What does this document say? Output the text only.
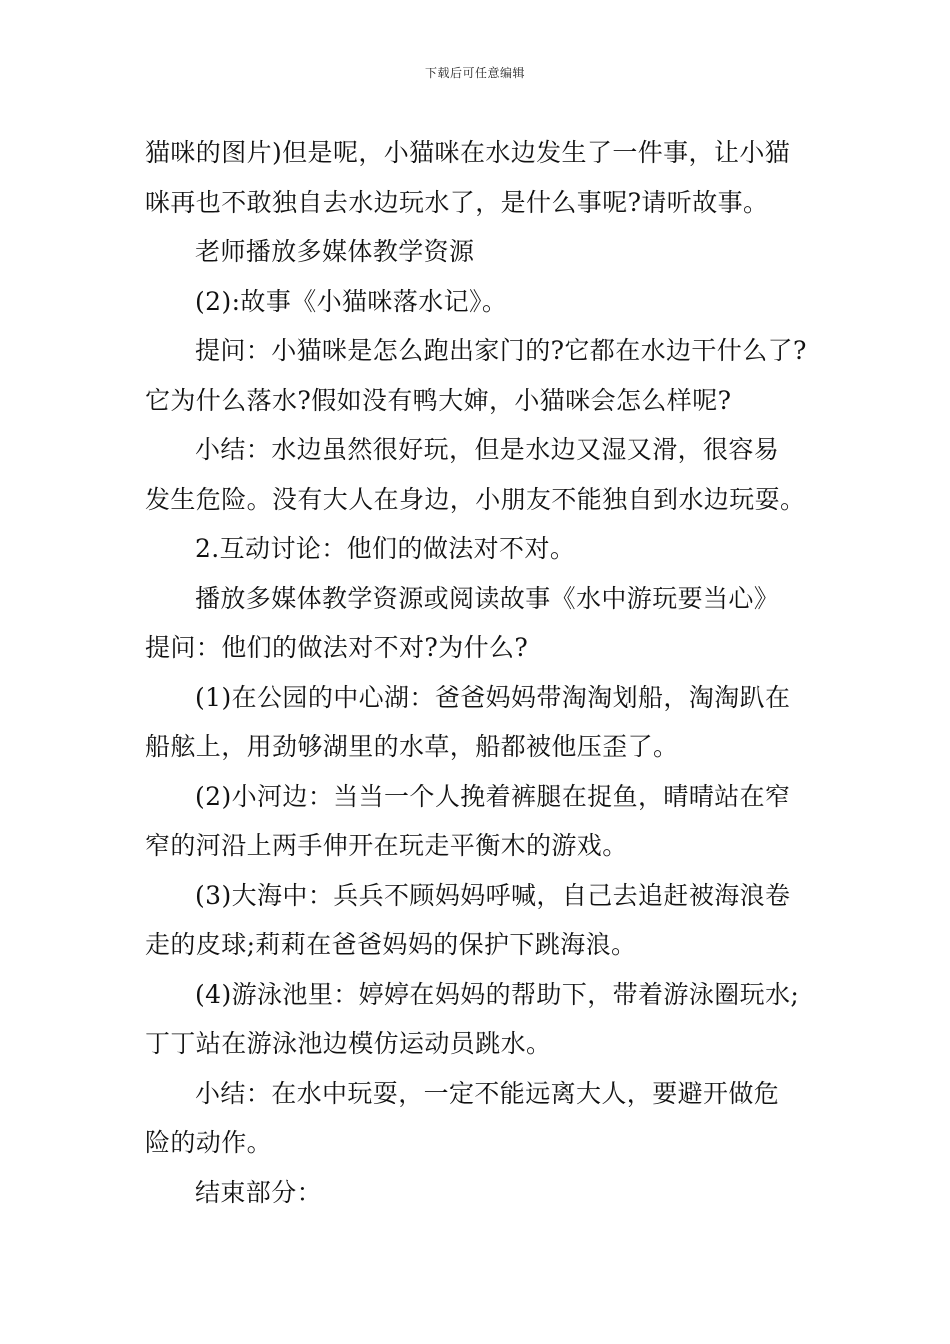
下载后可任意编辑
猫咪的图片)但是呢，小猫咪在水边发生了一件事，让小猫
咪再也不敢独自去水边玩水了，是什么事呢?请听故事。
老师播放多媒体教学资源
(2):故事《小猫咪落水记》。
提问：小猫咪是怎么跑出家门的?它都在水边干什么了?
它为什么落水?假如没有鸭大婶，小猫咪会怎么样呢?
小结：水边虽然很好玩，但是水边又湿又滑，很容易
发生危险。没有大人在身边，小朋友不能独自到水边玩耍。
2.互动讨论：他们的做法对不对。
播放多媒体教学资源或阅读故事《水中游玩要当心》
提问：他们的做法对不对?为什么?
(1)在公园的中心湖：爸爸妈妈带淘淘划船，淘淘趴在
船舷上，用劲够湖里的水草，船都被他压歪了。
(2)小河边：当当一个人挽着裤腿在捉鱼，晴晴站在窄
窄的河沿上两手伸开在玩走平衡木的游戏。
(3)大海中：兵兵不顾妈妈呼喊，自己去追赶被海浪卷
走的皮球;莉莉在爸爸妈妈的保护下跳海浪。
(4)游泳池里：婷婷在妈妈的帮助下，带着游泳圈玩水;
丁丁站在游泳池边模仿运动员跳水。
小结：在水中玩耍，一定不能远离大人，要避开做危
险的动作。
结束部分：
